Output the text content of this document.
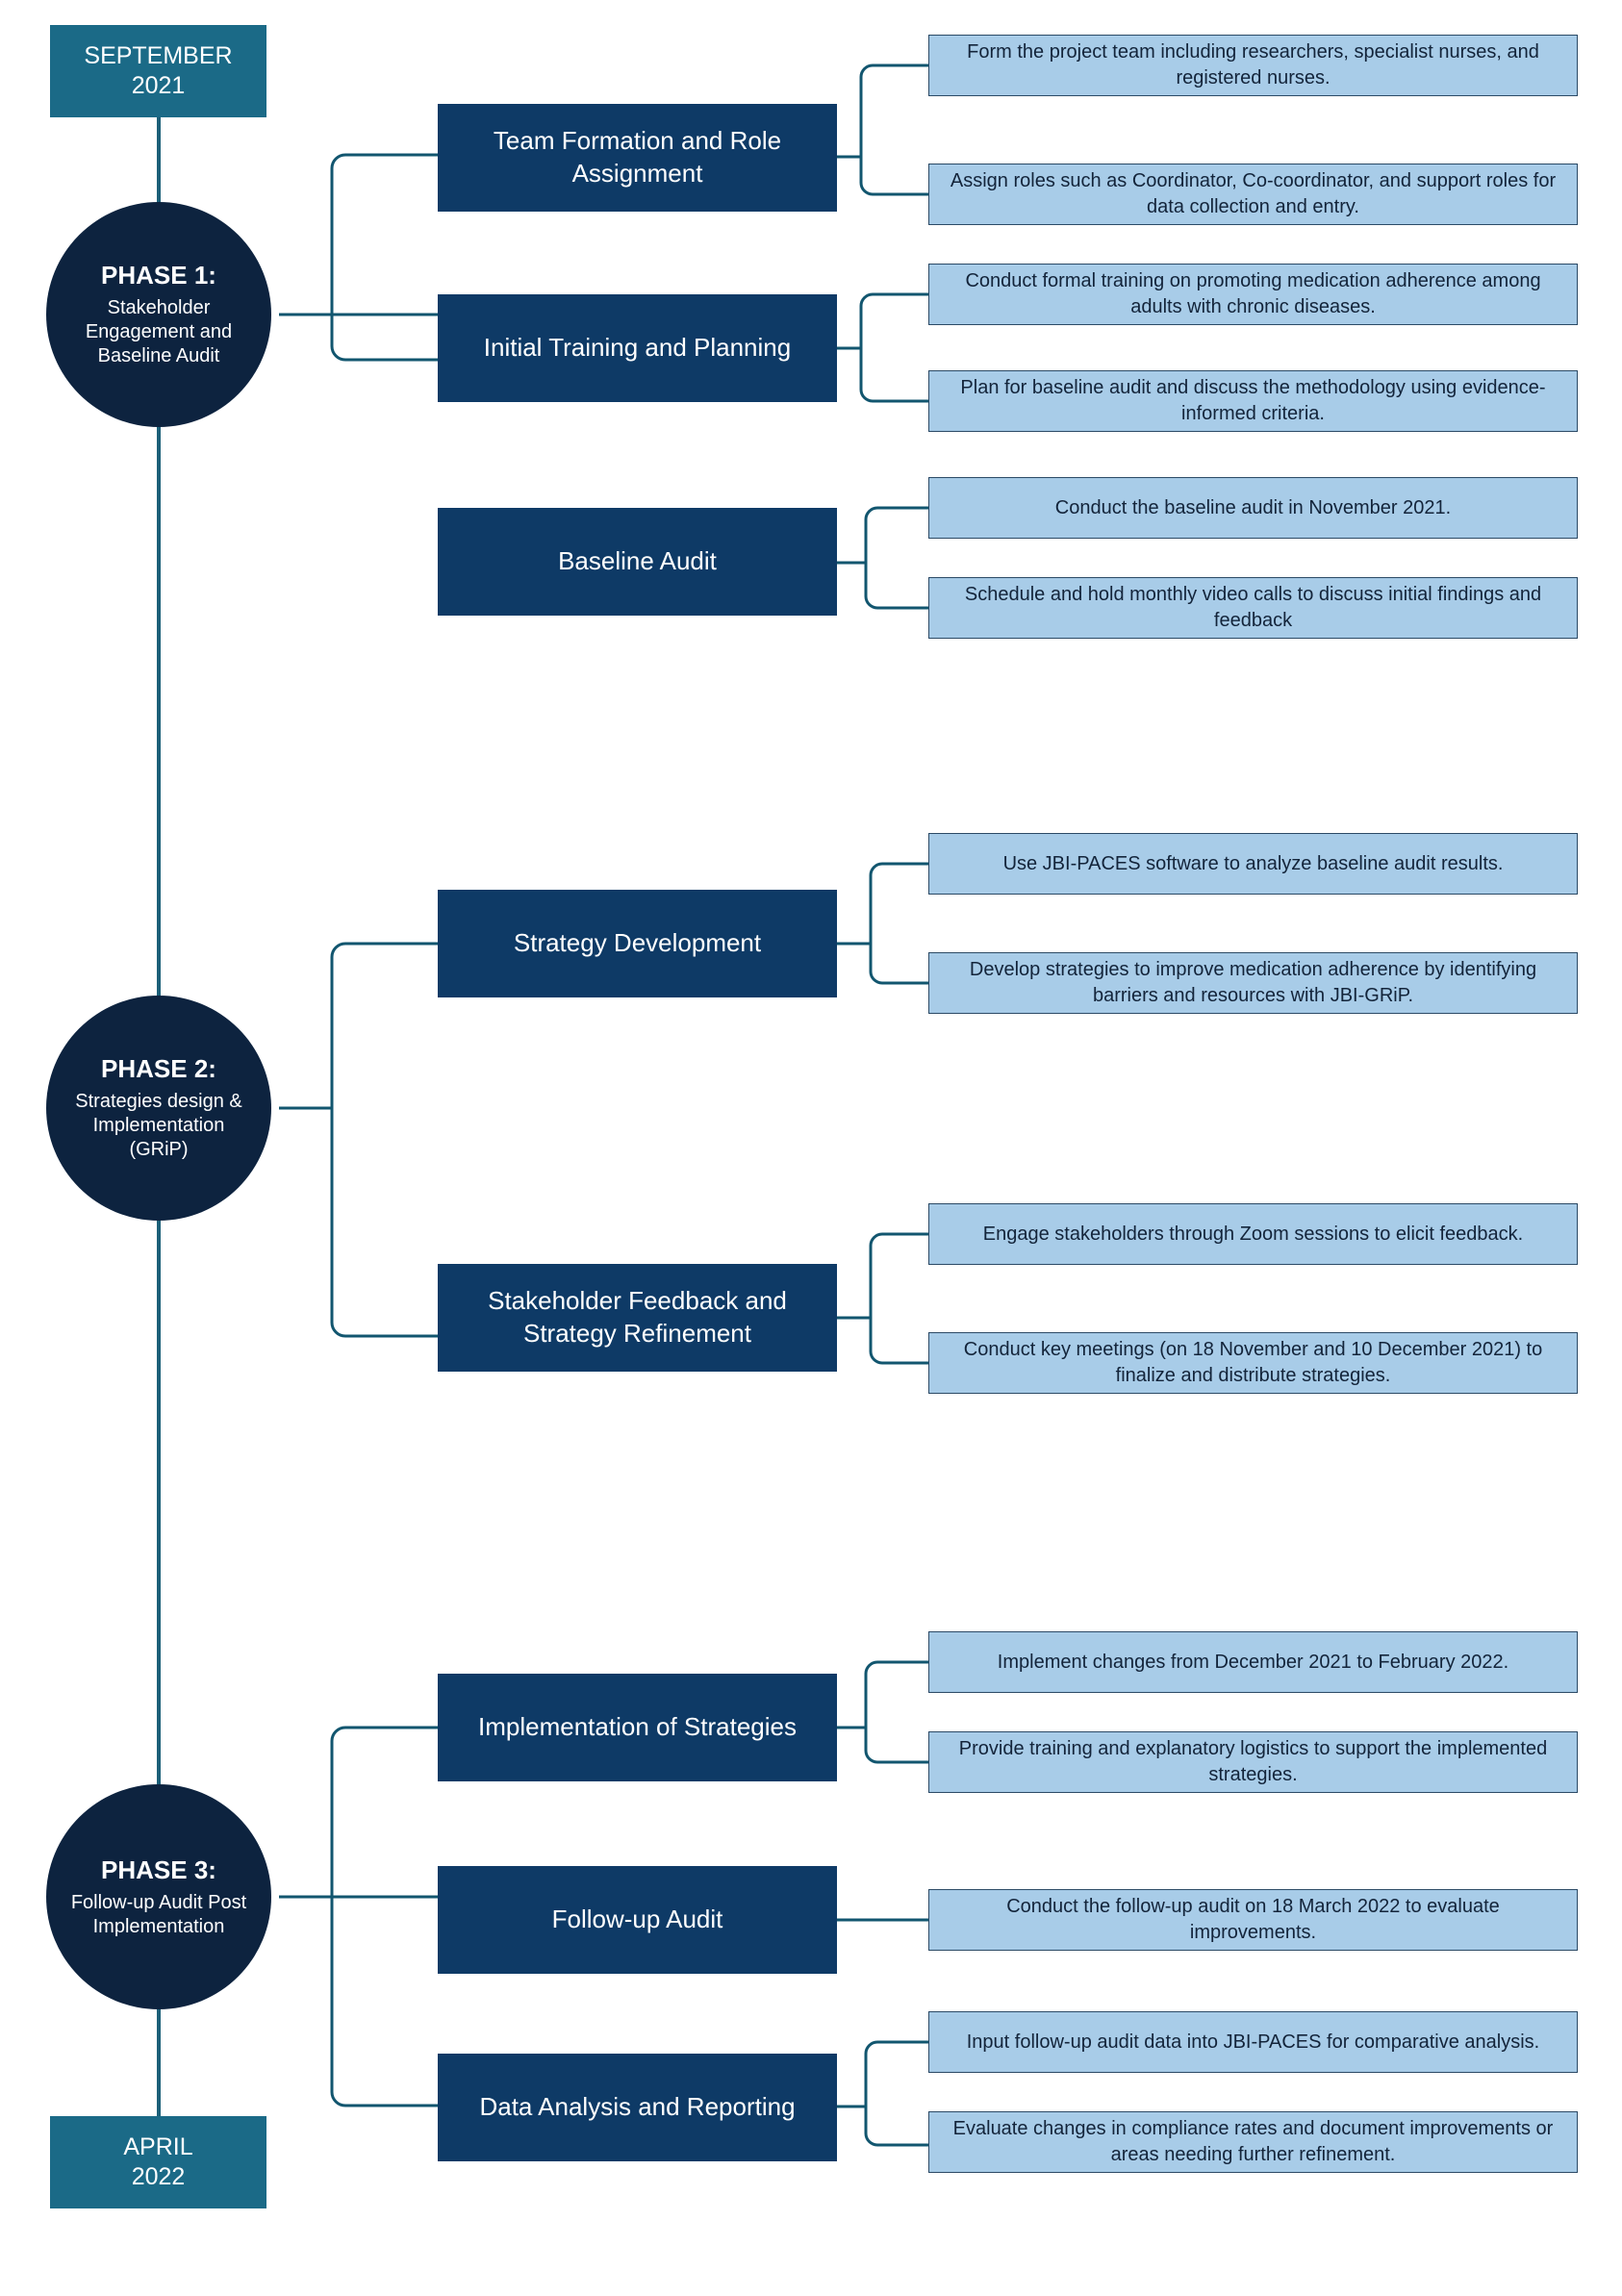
SEPTEMBER
2021
APRIL
2022
PHASE 1:
Stakeholder Engagement and Baseline Audit
PHASE 2:
Strategies design & Implementation (GRiP)
PHASE 3:
Follow-up Audit Post Implementation
Team Formation and Role Assignment
Form the project team including researchers, specialist nurses, and registered nurses.
Assign roles such as Coordinator, Co-coordinator, and support roles for data collection and entry.
Initial Training and Planning
Conduct formal training on promoting medication adherence among adults with chronic diseases.
Plan for baseline audit and discuss the methodology using evidence-informed criteria.
Baseline Audit
Conduct the baseline audit in November 2021.
Schedule and hold monthly video calls to discuss initial findings and feedback
Strategy Development
Use JBI-PACES software to analyze baseline audit results.
Develop strategies to improve medication adherence by identifying barriers and resources with JBI-GRiP.
Stakeholder Feedback and Strategy Refinement
Engage stakeholders through Zoom sessions to elicit feedback.
Conduct key meetings (on 18 November and 10 December 2021) to finalize and distribute strategies.
Implementation of Strategies
Implement changes from December 2021 to February 2022.
Provide training and explanatory logistics to support the implemented strategies.
Follow-up Audit	Conduct the follow-up audit on 18 March 2022 to evaluate improvements.
Data Analysis and Reporting
Input follow-up audit data into JBI-PACES for comparative analysis.
Evaluate changes in compliance rates and document improvements or areas needing further refinement.
